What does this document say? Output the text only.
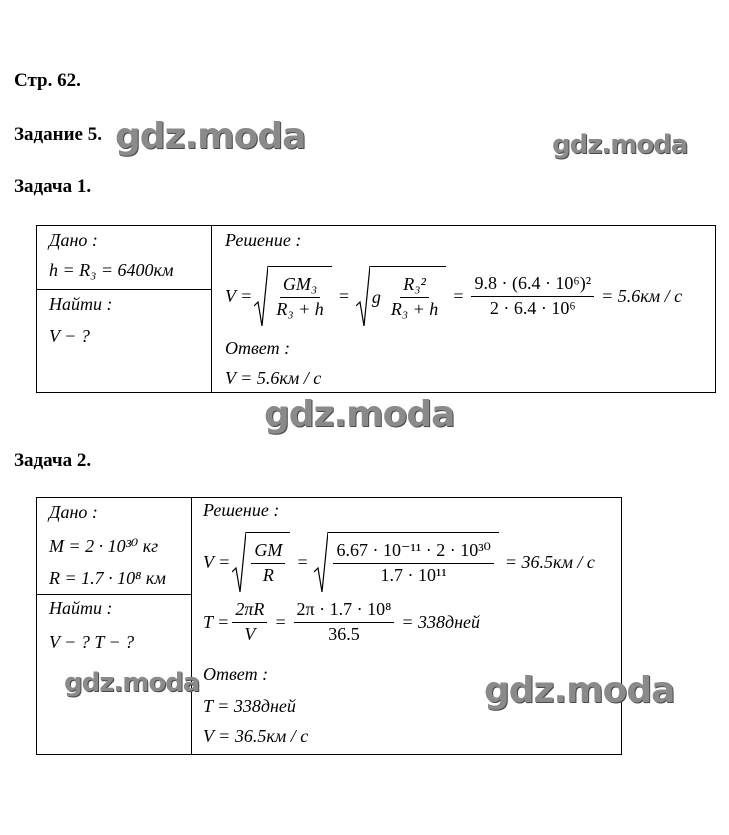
Стр. 62.
Задание 5.
Задача 1.
Задача 2.
Дано :
h = R₃ = 6400км
Найти :
V − ?
Решение :
$V = \frac{\text{GM₃}}{\text{R₃ + h}} = g \frac{\text{R₃²}}{\text{R₃ + h}} = \frac{\text{9.8 · (6.4 · 10⁶)²}}{\text{2 · 6.4 · 10⁶}} = 5.6км / с$
Ответ :
V = 5.6км / с
Дано :
M = 2 · 10³⁰ кг
R = 1.7 · 10⁸ км
Найти :
V − ? T − ?
Решение :
$V = \frac{GM}{R} = \frac{\text{6.67 · 10⁻¹¹ · 2 · 10³⁰}}{\text{1.7 · 10¹¹}} = 36.5км / с$
$T = \frac{2\pi R}{V} = \frac{\text{2π · 1.7 · 10⁸}}{36.5}$ = 338дней
Ответ :
T = 338дней
V = 36.5км / с
gdz.moda	gdz.moda
gdz.moda
gdz.moda	gdz.moda
